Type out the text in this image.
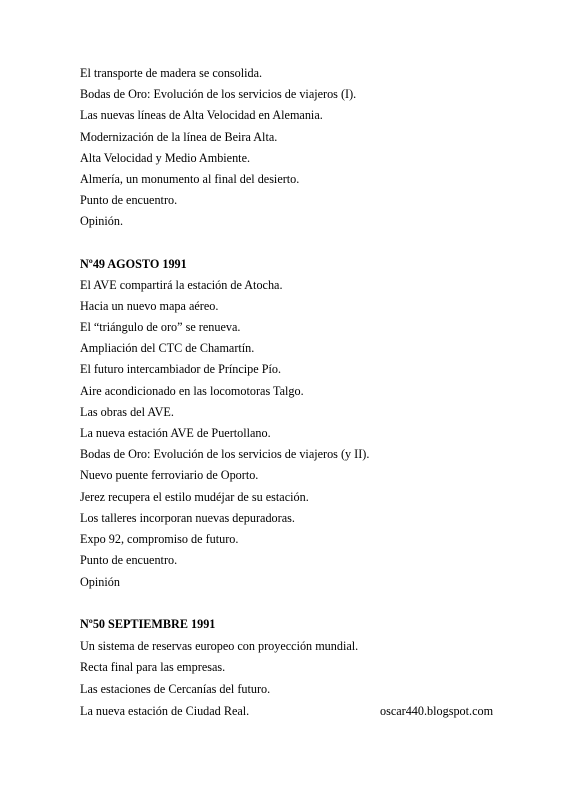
El transporte de madera se consolida.
Bodas de Oro: Evolución de los servicios de viajeros (I).
Las nuevas líneas de Alta Velocidad en Alemania.
Modernización de la línea de Beira Alta.
Alta Velocidad y Medio Ambiente.
Almería, un monumento al final del desierto.
Punto de encuentro.
Opinión.
Nº49 AGOSTO 1991
El AVE compartirá la estación de Atocha.
Hacia un nuevo mapa aéreo.
El “triángulo de oro” se renueva.
Ampliación del CTC de Chamartín.
El futuro intercambiador de Príncipe Pío.
Aire acondicionado en las locomotoras Talgo.
Las obras del AVE.
La nueva estación AVE de Puertollano.
Bodas de Oro: Evolución de los servicios de viajeros (y II).
Nuevo puente ferroviario de Oporto.
Jerez recupera el estilo mudéjar de su estación.
Los talleres incorporan nuevas depuradoras.
Expo 92, compromiso de futuro.
Punto de encuentro.
Opinión
Nº50 SEPTIEMBRE 1991
Un sistema de reservas europeo con proyección mundial.
Recta final para las empresas.
Las estaciones de Cercanías del futuro.
La nueva estación de Ciudad Real.	oscar440.blogspot.com
